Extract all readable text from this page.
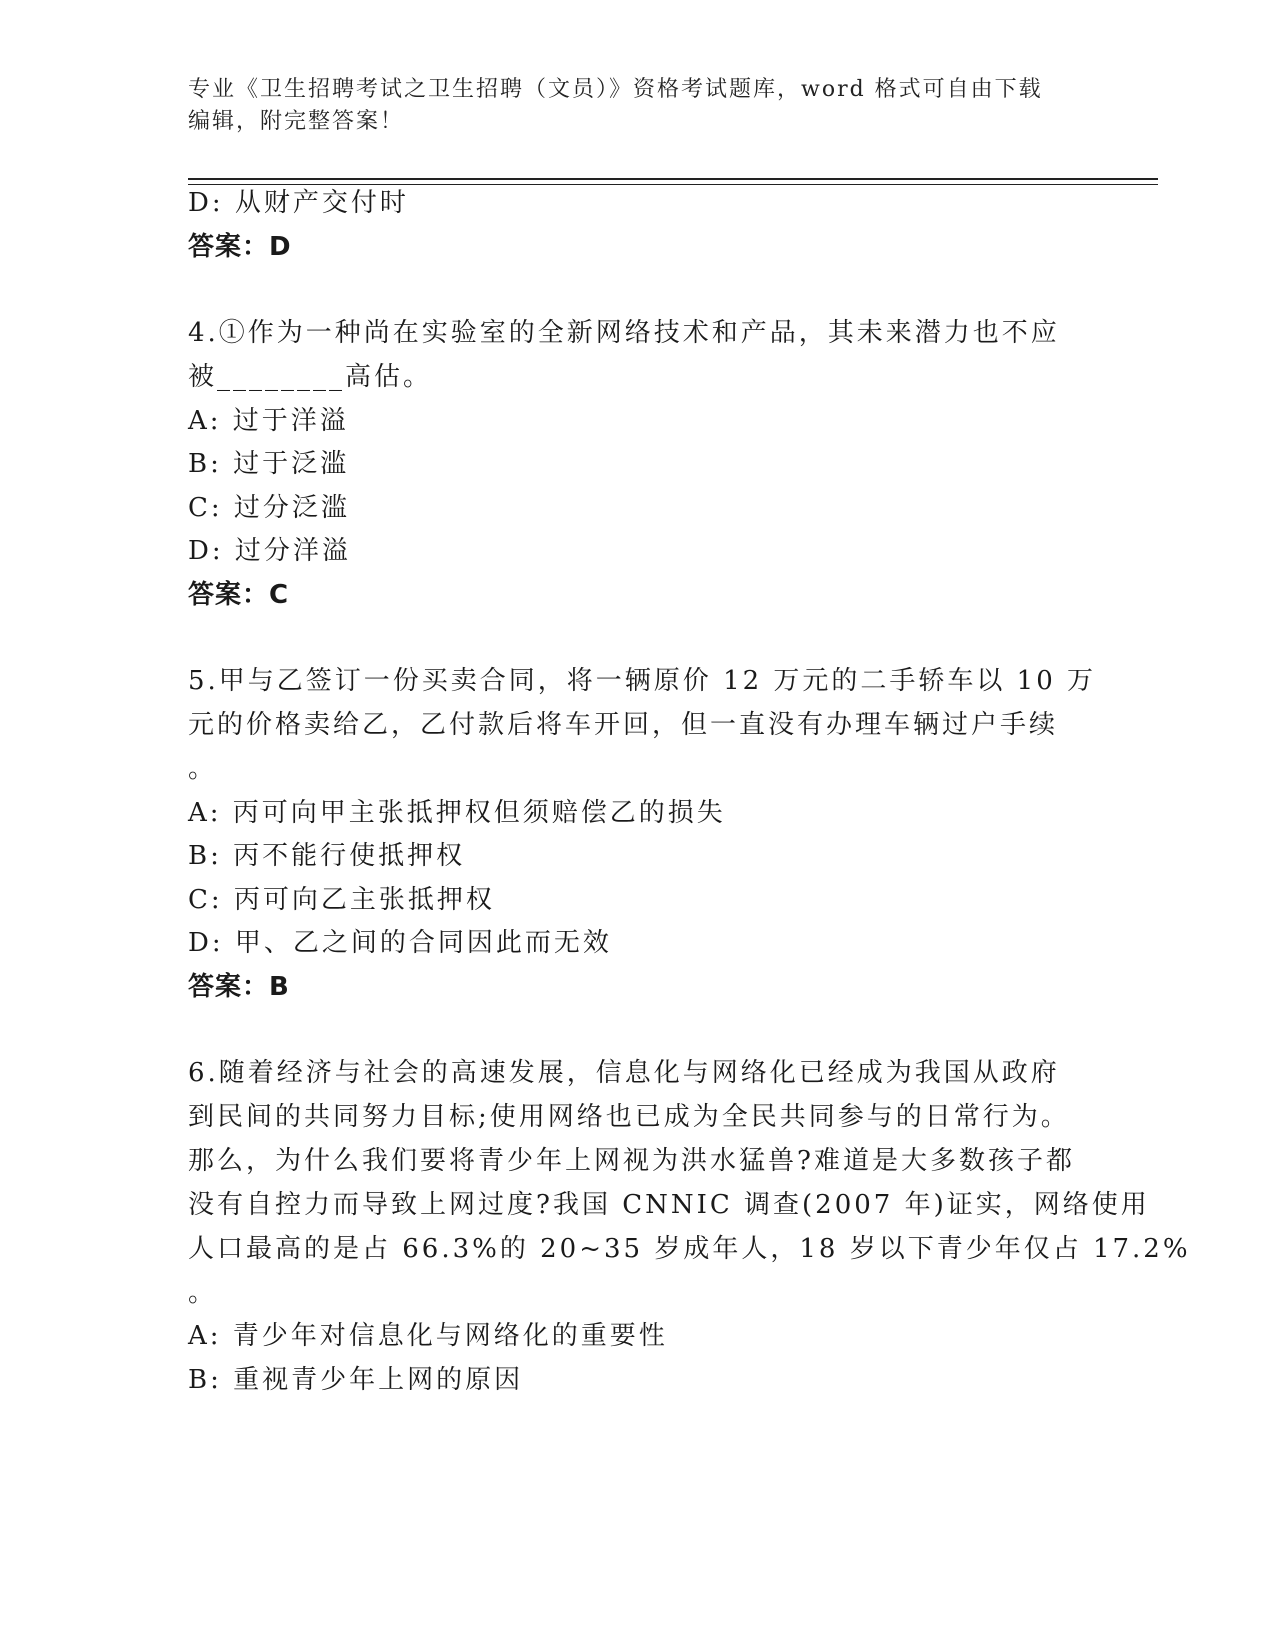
专业《卫生招聘考试之卫生招聘（文员）》资格考试题库，word 格式可自由下载
编辑，附完整答案！
D: 从财产交付时
答案：D
4.①作为一种尚在实验室的全新网络技术和产品，其未来潜力也不应
被________高估。
A: 过于洋溢
B: 过于泛滥
C: 过分泛滥
D: 过分洋溢
答案：C
5.甲与乙签订一份买卖合同，将一辆原价 12 万元的二手轿车以 10 万
元的价格卖给乙，乙付款后将车开回，但一直没有办理车辆过户手续
。
A: 丙可向甲主张抵押权但须赔偿乙的损失
B: 丙不能行使抵押权
C: 丙可向乙主张抵押权
D: 甲、乙之间的合同因此而无效
答案：B
6.随着经济与社会的高速发展，信息化与网络化已经成为我国从政府
到民间的共同努力目标;使用网络也已成为全民共同参与的日常行为。
那么，为什么我们要将青少年上网视为洪水猛兽?难道是大多数孩子都
没有自控力而导致上网过度?我国 CNNIC 调查(2007 年)证实，网络使用
人口最高的是占 66.3%的 20~35 岁成年人，18 岁以下青少年仅占 17.2%
。
A: 青少年对信息化与网络化的重要性
B: 重视青少年上网的原因
